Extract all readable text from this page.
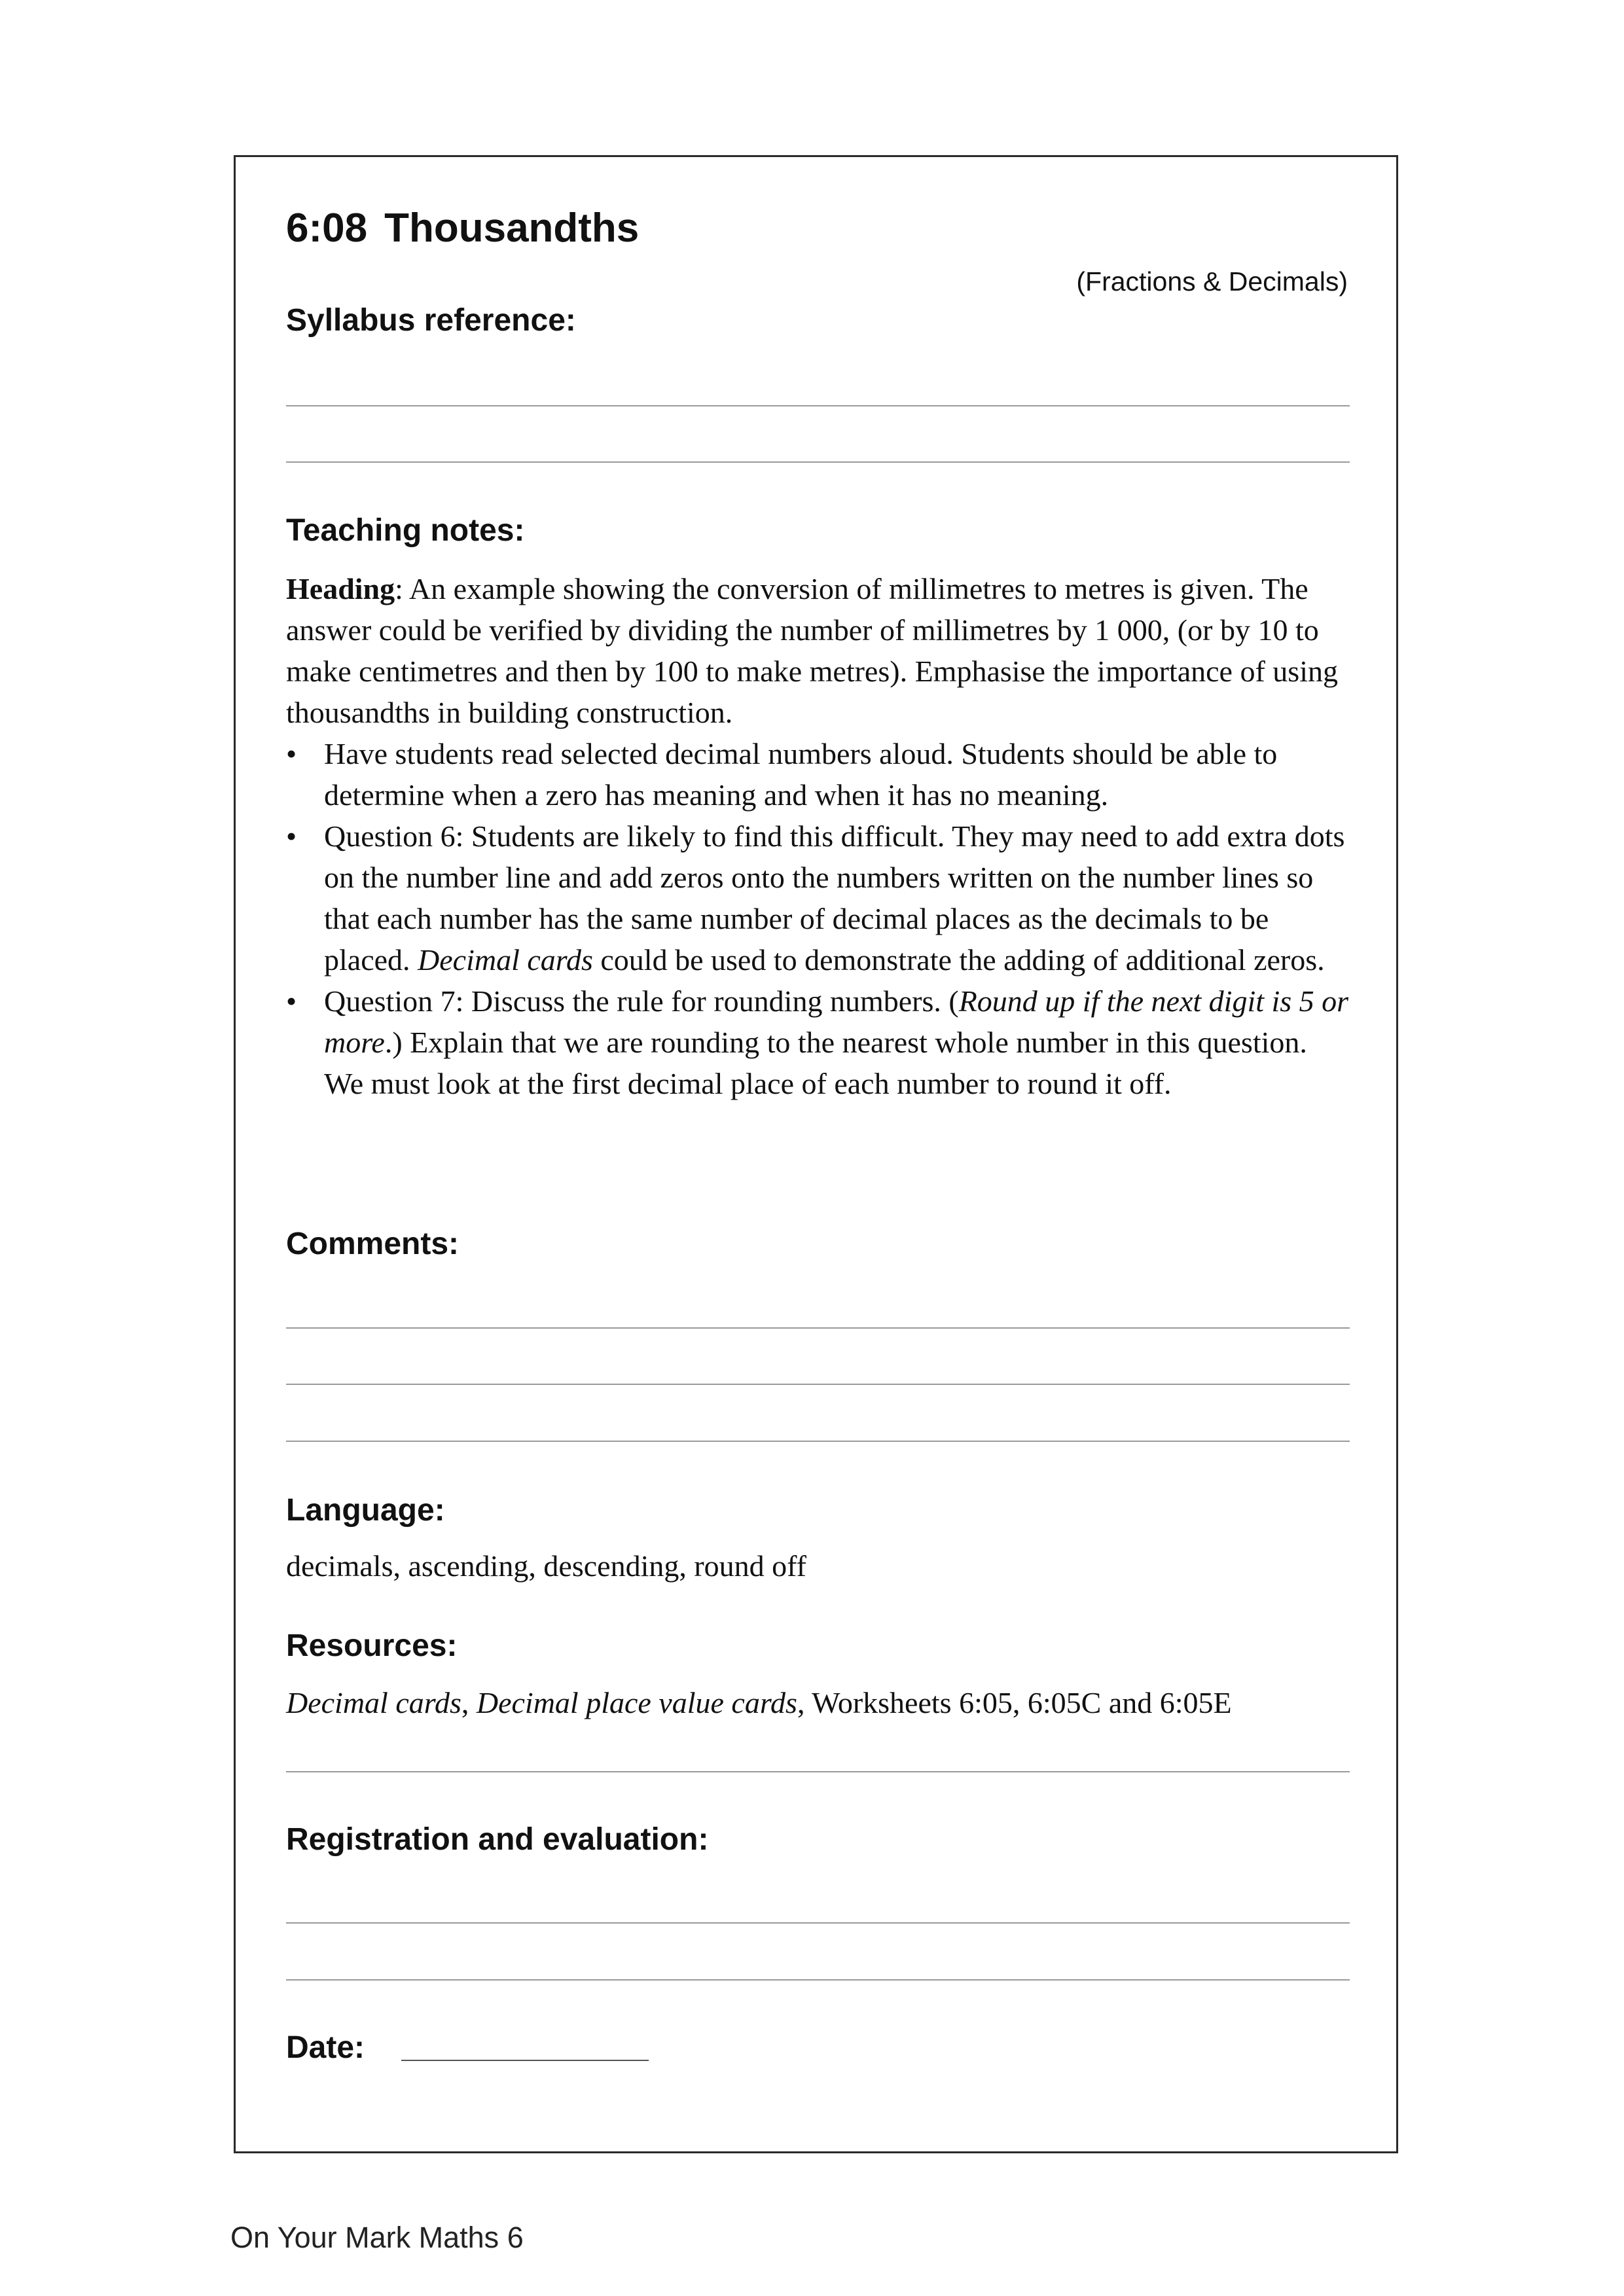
6:08 Thousandths
(Fractions & Decimals)
Syllabus reference:
Teaching notes:

Heading: An example showing the conversion of millimetres to metres is given. The answer could be verified by dividing the number of millimetres by 1 000, (or by 10 to make centimetres and then by 100 to make metres). Emphasise the importance of using thousandths in building construction.

• Have students read selected decimal numbers aloud. Students should be able to determine when a zero has meaning and when it has no meaning.
• Question 6: Students are likely to find this difficult. They may need to add extra dots on the number line and add zeros onto the numbers written on the number lines so that each number has the same number of decimal places as the decimals to be placed. Decimal cards could be used to demonstrate the adding of additional zeros.
• Question 7: Discuss the rule for rounding numbers. (Round up if the next digit is 5 or more.) Explain that we are rounding to the nearest whole number in this question. We must look at the first decimal place of each number to round it off.
Comments:
Language:

decimals, ascending, descending, round off

Resources:

Decimal cards, Decimal place value cards, Worksheets 6:05, 6:05C and 6:05E

Registration and evaluation:
Date:
On Your Mark Maths 6
